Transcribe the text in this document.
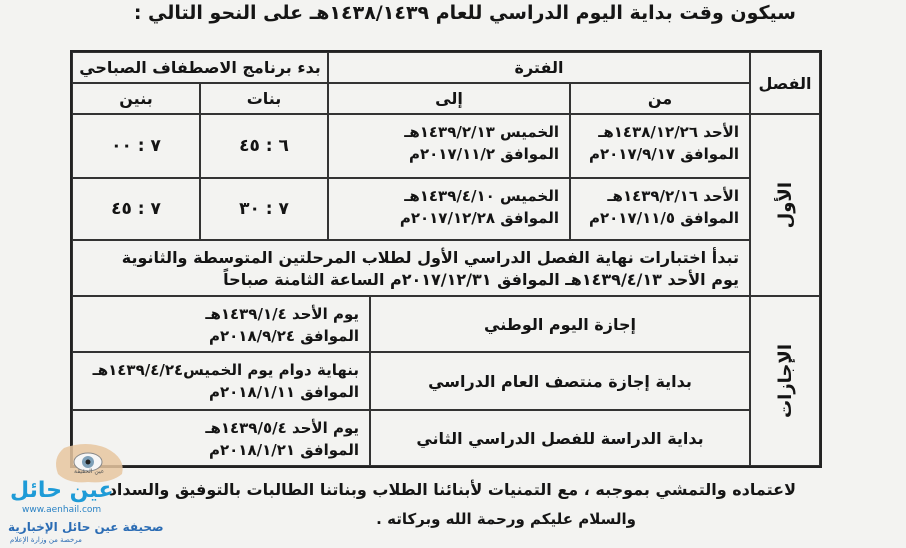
سيكون وقت بداية اليوم الدراسي للعام ١٤٣٨/١٤٣٩هـ على النحو التالي :
الفصل
الفترة
بدء برنامج الاصطفاف الصباحي
من
إلى
بنات
بنين
الأول
الأحد ١٤٣٨/١٢/٢٦هـ
الموافق ٢٠١٧/٩/١٧م
الخميس ١٤٣٩/٢/١٣هـ
الموافق ٢٠١٧/١١/٢م
٦ : ٤٥
٧ : ٠٠
الأحد ١٤٣٩/٢/١٦هـ
الموافق ٢٠١٧/١١/٥م
الخميس ١٤٣٩/٤/١٠هـ
الموافق ٢٠١٧/١٢/٢٨م
٧ : ٣٠
٧ : ٤٥
تبدأ اختبارات نهاية الفصل الدراسي الأول لطلاب المرحلتين المتوسطة والثانوية
يوم الأحد ١٤٣٩/٤/١٣هـ الموافق ٢٠١٧/١٢/٣١م الساعة الثامنة صباحاً
الإجازات
إجازة اليوم الوطني
يوم الأحد ١٤٣٩/١/٤هـ
الموافق ٢٠١٨/٩/٢٤م
بداية إجازة منتصف العام الدراسي
بنهاية دوام يوم الخميس١٤٣٩/٤/٢٤هـ
الموافق ٢٠١٨/١/١١م
بداية الدراسة للفصل الدراسي الثاني
يوم الأحد ١٤٣٩/٥/٤هـ
الموافق ٢٠١٨/١/٢١م
لاعتماده والتمشي بموجبه ، مع التمنيات لأبنائنا الطلاب وبناتنا الطالبات بالتوفيق والسداد
والسلام عليكم ورحمة الله وبركاته .
عين حائل
عين الحقيقة
www.aenhail.com
صحيفة عين حائل الإخبارية
مرخصة من وزارة الإعلام
